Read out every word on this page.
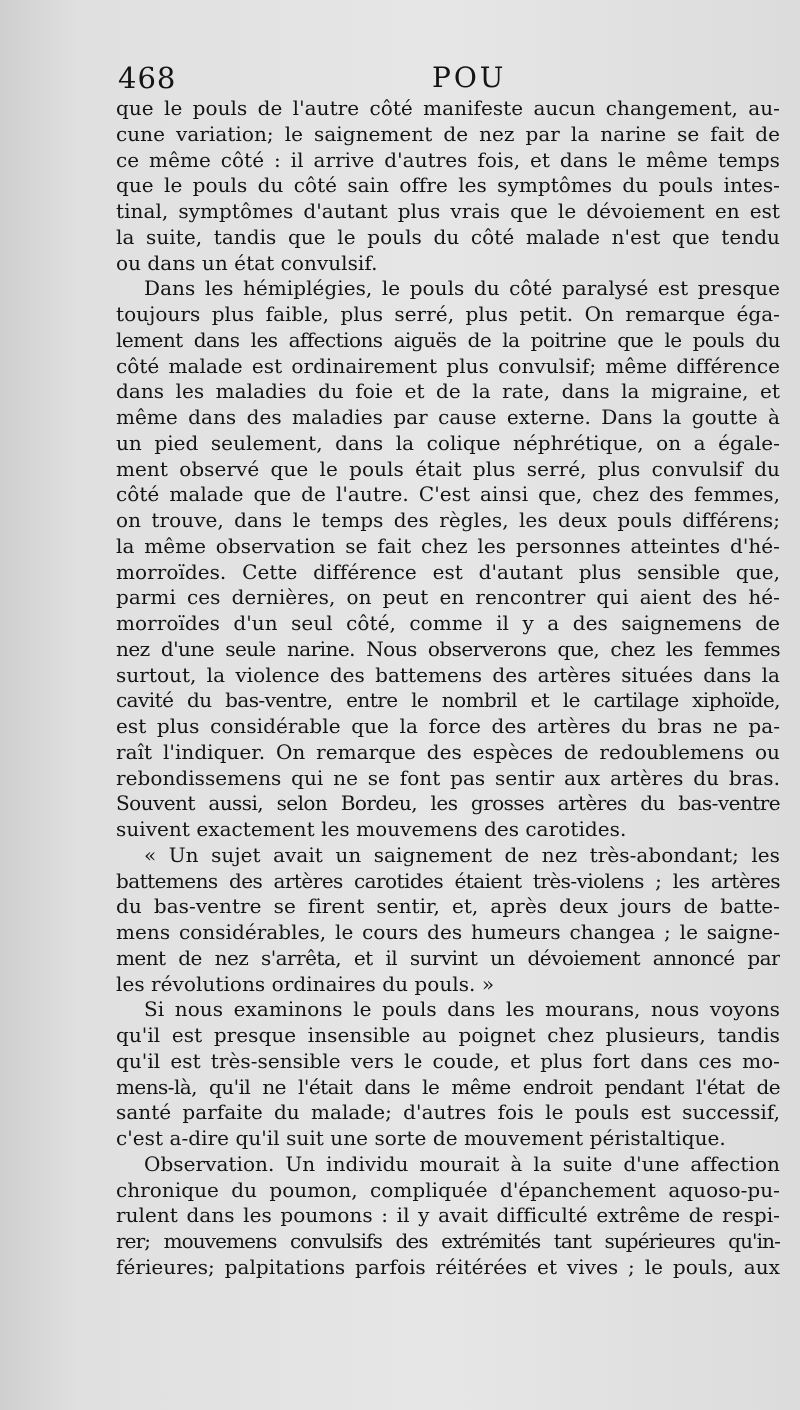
468	POU
que le pouls de l'autre côté manifeste aucun changement, au-
cune variation; le saignement de nez par la narine se fait de
ce même côté : il arrive d'autres fois, et dans le même temps
que le pouls du côté sain offre les symptômes du pouls intes-
tinal, symptômes d'autant plus vrais que le dévoiement en est
la suite, tandis que le pouls du côté malade n'est que tendu
ou dans un état convulsif.
Dans les hémiplégies, le pouls du côté paralysé est presque
toujours plus faible, plus serré, plus petit. On remarque éga-
lement dans les affections aiguës de la poitrine que le pouls du
côté malade est ordinairement plus convulsif; même différence
dans les maladies du foie et de la rate, dans la migraine, et
même dans des maladies par cause externe. Dans la goutte à
un pied seulement, dans la colique néphrétique, on a égale-
ment observé que le pouls était plus serré, plus convulsif du
côté malade que de l'autre. C'est ainsi que, chez des femmes,
on trouve, dans le temps des règles, les deux pouls différens;
la même observation se fait chez les personnes atteintes d'hé-
morroïdes. Cette différence est d'autant plus sensible que,
parmi ces dernières, on peut en rencontrer qui aient des hé-
morroïdes d'un seul côté, comme il y a des saignemens de
nez d'une seule narine. Nous observerons que, chez les femmes
surtout, la violence des battemens des artères situées dans la
cavité du bas-ventre, entre le nombril et le cartilage xiphoïde,
est plus considérable que la force des artères du bras ne pa-
raît l'indiquer. On remarque des espèces de redoublemens ou
rebondissemens qui ne se font pas sentir aux artères du bras.
Souvent aussi, selon Bordeu, les grosses artères du bas-ventre
suivent exactement les mouvemens des carotides.
« Un sujet avait un saignement de nez très-abondant; les
battemens des artères carotides étaient très-violens ; les artères
du bas-ventre se firent sentir, et, après deux jours de batte-
mens considérables, le cours des humeurs changea ; le saigne-
ment de nez s'arrêta, et il survint un dévoiement annoncé par
les révolutions ordinaires du pouls. »
Si nous examinons le pouls dans les mourans, nous voyons
qu'il est presque insensible au poignet chez plusieurs, tandis
qu'il est très-sensible vers le coude, et plus fort dans ces mo-
mens-là, qu'il ne l'était dans le même endroit pendant l'état de
santé parfaite du malade; d'autres fois le pouls est successif,
c'est a-dire qu'il suit une sorte de mouvement péristaltique.
Observation. Un individu mourait à la suite d'une affection
chronique du poumon, compliquée d'épanchement aquoso-pu-
rulent dans les poumons : il y avait difficulté extrême de respi-
rer; mouvemens convulsifs des extrémités tant supérieures qu'in-
férieures; palpitations parfois réitérées et vives ; le pouls, aux
